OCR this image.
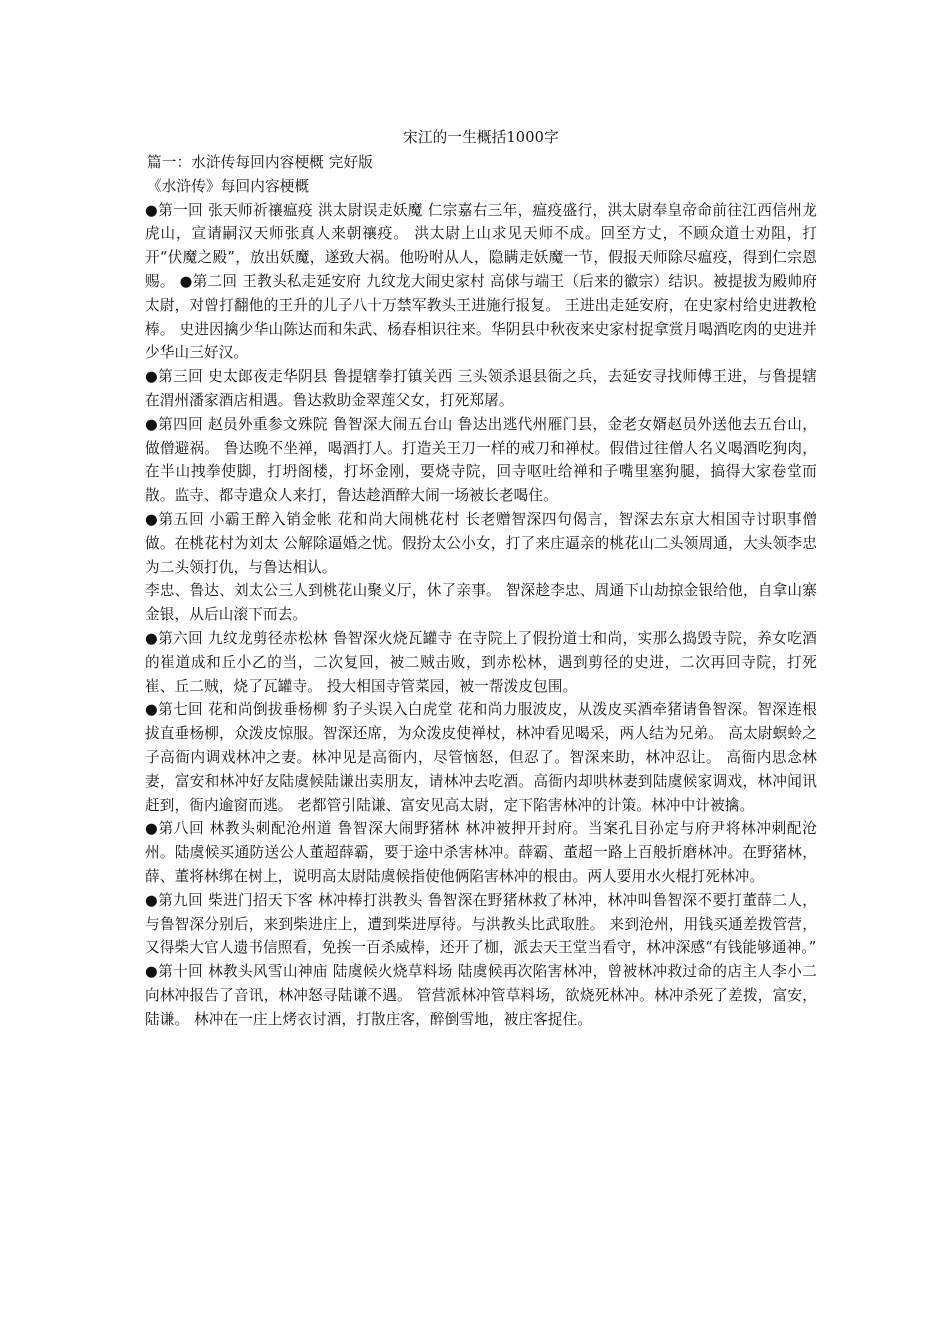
宋江的一生概括1000字

篇一：水浒传每回内容梗概 完好版

《水浒传》每回内容梗概

●第一回 张天师祈禳瘟疫 洪太尉误走妖魔 仁宗嘉右三年，瘟疫盛行，洪太尉奉皇帝命前往江西信州龙虎山，宣请嗣汉天师张真人来朝禳疫。 洪太尉上山求见天师不成。回至方丈，不顾众道士劝阻，打开“伏魔之殿”，放出妖魔，遂致大祸。他吩咐从人，隐瞒走妖魔一节，假报天师除尽瘟疫，得到仁宗恩赐。 ●第二回 王教头私走延安府 九纹龙大闹史家村 高俅与端王（后来的徽宗）结识。被提拔为殿帅府太尉，对曾打翻他的王升的儿子八十万禁军教头王进施行报复。 王进出走延安府，在史家村给史进教枪棒。 史进因擒少华山陈达而和朱武、杨春相识往来。华阴县中秋夜来史家村捉拿赏月喝酒吃肉的史进并少华山三好汉。

●第三回 史太郎夜走华阴县 鲁提辖拳打镇关西 三头领杀退县衙之兵，去延安寻找师傅王进，与鲁提辖在渭州潘家酒店相遇。鲁达救助金翠莲父女，打死郑屠。

●第四回 赵员外重参文殊院 鲁智深大闹五台山 鲁达出逃代州雁门县，金老女婿赵员外送他去五台山，做僧避祸。 鲁达晚不坐禅，喝酒打人。打造关王刀一样的戒刀和禅杖。假借过往僧人名义喝酒吃狗肉，在半山拽拳使脚，打坍阁楼，打坏金刚，要烧寺院，回寺呕吐给禅和子嘴里塞狗腿，搞得大家卷堂而散。监寺、都寺遣众人来打，鲁达趁酒醉大闹一场被长老喝住。

●第五回 小霸王醉入销金帐 花和尚大闹桃花村 长老赠智深四句偈言，智深去东京大相国寺讨职事僧做。在桃花村为刘太 公解除逼婚之忧。假扮太公小女，打了来庄逼亲的桃花山二头领周通，大头领李忠为二头领打仇，与鲁达相认。

李忠、鲁达、刘太公三人到桃花山聚义厅，休了亲事。 智深趁李忠、周通下山劫掠金银给他，自拿山寨金银，从后山滚下而去。

●第六回 九纹龙剪径赤松林 鲁智深火烧瓦罐寺 在寺院上了假扮道士和尚，实那么捣毁寺院，养女吃酒的崔道成和丘小乙的当，二次复回，被二贼击败，到赤松林，遇到剪径的史进，二次再回寺院，打死崔、丘二贼，烧了瓦罐寺。 投大相国寺管菜园，被一帮泼皮包围。

●第七回 花和尚倒拔垂杨柳 豹子头误入白虎堂 花和尚力服波皮，从泼皮买酒牵猪请鲁智深。智深连根拔直垂杨柳，众泼皮惊服。智深还席，为众泼皮使禅杖，林冲看见喝采，两人结为兄弟。 高太尉螟蛉之子高衙内调戏林冲之妻。林冲见是高衙内，尽管恼怒，但忍了。智深来助，林冲忍让。 高衙内思念林妻，富安和林冲好友陆虞候陆谦出卖朋友，请林冲去吃酒。高衙内却哄林妻到陆虞候家调戏，林冲闻讯赶到，衙内逾窗而逃。 老都管引陆谦、富安见高太尉，定下陷害林冲的计策。林冲中计被擒。

●第八回 林教头刺配沧州道 鲁智深大闹野猪林 林冲被押开封府。当案孔目孙定与府尹将林冲刺配沧州。陆虞候买通防送公人董超薛霸，要于途中杀害林冲。薛霸、董超一路上百般折磨林冲。在野猪林，薛、董将林绑在树上，说明高太尉陆虞候指使他俩陷害林冲的根由。两人要用水火棍打死林冲。

●第九回 柴进门招天下客 林冲棒打洪教头 鲁智深在野猪林救了林冲，林冲叫鲁智深不要打董薛二人，与鲁智深分别后，来到柴进庄上，遭到柴进厚待。与洪教头比武取胜。 来到沧州，用钱买通差拨管营，又得柴大官人遗书信照看，免挨一百杀威棒，还开了枷，派去天王堂当看守，林冲深感“有钱能够通神。”

●第十回 林教头风雪山神庙 陆虞候火烧草料场 陆虞候再次陷害林冲，曾被林冲救过命的店主人李小二向林冲报告了音讯，林冲怒寻陆谦不遇。 管营派林冲管草料场，欲烧死林冲。林冲杀死了差拨，富安，陆谦。 林冲在一庄上烤衣讨酒，打散庄客，醉倒雪地，被庄客捉住。
